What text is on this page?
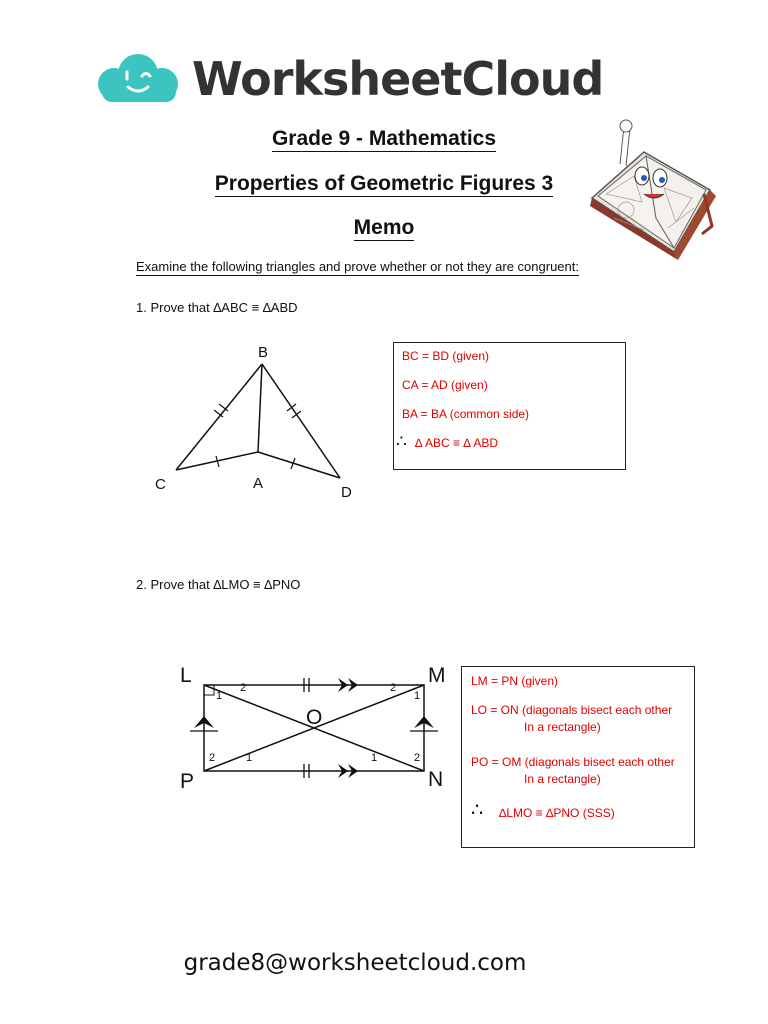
WorksheetCloud
Grade 9 - Mathematics
Properties of Geometric Figures 3
Memo
Examine the following triangles and prove whether or not they are congruent:
1. Prove that ∆ABC ≡ ∆ABD
B
C	A
D
BC = BD (given)
CA = AD (given)
BA = BA (common side)
∴ ∆ ABC ≡ ∆ ABD
2. Prove that ∆LMO ≡ ∆PNO
L	M
O
P	N
1
2	2
1
2	1	1	2
LM = PN (given)
LO = ON (diagonals bisect each other
In a rectangle)
PO = OM (diagonals bisect each other
In a rectangle)
∴ ∆LMO ≡ ∆PNO (SSS)
grade8@worksheetcloud.com
